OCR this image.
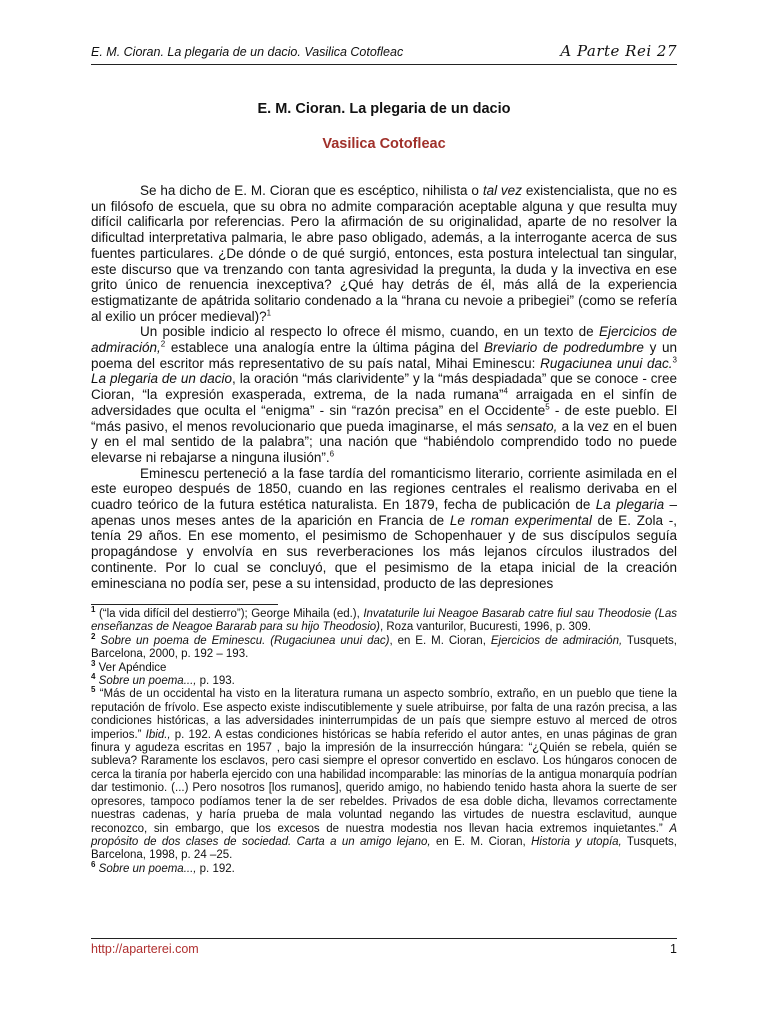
E. M. Cioran. La plegaria de un dacio. Vasilica Cotofleac	A Parte Rei 27
E. M. Cioran. La plegaria de un dacio
Vasilica Cotofleac

Se ha dicho de E. M. Cioran que es escéptico, nihilista o tal vez existencialista, que no es un filósofo de escuela, que su obra no admite comparación aceptable alguna y que resulta muy difícil calificarla por referencias. Pero la afirmación de su originalidad, aparte de no resolver la dificultad interpretativa palmaria, le abre paso obligado, además, a la interrogante acerca de sus fuentes particulares. ¿De dónde o de qué surgió, entonces, esta postura intelectual tan singular, este discurso que va trenzando con tanta agresividad la pregunta, la duda y la invectiva en ese grito único de renuencia inexceptiva? ¿Qué hay detrás de él, más allá de la experiencia estigmatizante de apátrida solitario condenado a la “hrana cu nevoie a pribegiei” (como se refería al exilio un prócer medieval)?$^1$

Un posible indicio al respecto lo ofrece él mismo, cuando, en un texto de Ejercicios de admiración,$^2$ establece una analogía entre la última página del Breviario de podredumbre y un poema del escritor más representativo de su país natal, Mihai Eminescu: Rugaciunea unui dac.$^3$ La plegaria de un dacio, la oración “más clarividente” y la “más despiadada” que se conoce - cree Cioran, “la expresión exasperada, extrema, de la nada rumana”$^4$ arraigada en el sinfín de adversidades que oculta el “enigma” - sin “razón precisa” en el Occidente$^5$ - de este pueblo. El “más pasivo, el menos revolucionario que pueda imaginarse, el más sensato, a la vez en el buen y en el mal sentido de la palabra”; una nación que “habiéndolo comprendido todo no puede elevarse ni rebajarse a ninguna ilusión”.$^6$

Eminescu perteneció a la fase tardía del romanticismo literario, corriente asimilada en el este europeo después de 1850, cuando en las regiones centrales el realismo derivaba en el cuadro teórico de la futura estética naturalista. En 1879, fecha de publicación de La plegaria – apenas unos meses antes de la aparición en Francia de Le roman experimental de E. Zola -, tenía 29 años. En ese momento, el pesimismo de Schopenhauer y de sus discípulos seguía propagándose y envolvía en sus reverberaciones los más lejanos círculos ilustrados del continente. Por lo cual se concluyó, que el pesimismo de la etapa inicial de la creación eminesciana no podía ser, pese a su intensidad, producto de las depresiones

$^1$ (“la vida difícil del destierro”); George Mihaila (ed.), Invataturile lui Neagoe Basarab catre fiul sau Theodosie (Las enseñanzas de Neagoe Bararab para su hijo Theodosio), Roza vanturilor, Bucuresti, 1996, p. 309.

$^2$ Sobre un poema de Eminescu. (Rugaciunea unui dac), en E. M. Cioran, Ejercicios de admiración, Tusquets, Barcelona, 2000, p. 192 – 193.

$^3$ Ver Apéndice

$^4$ Sobre un poema..., p. 193.

$^5$ “Más de un occidental ha visto en la literatura rumana un aspecto sombrío, extraño, en un pueblo que tiene la reputación de frívolo. Ese aspecto existe indiscutiblemente y suele atribuirse, por falta de una razón precisa, a las condiciones históricas, a las adversidades ininterrumpidas de un país que siempre estuvo al merced de otros imperios.” Ibid., p. 192. A estas condiciones históricas se había referido el autor antes, en unas páginas de gran finura y agudeza escritas en 1957 , bajo la impresión de la insurrección húngara: “¿Quién se rebela, quién se subleva? Raramente los esclavos, pero casi siempre el opresor convertido en esclavo. Los húngaros conocen de cerca la tiranía por haberla ejercido con una habilidad incomparable: las minorías de la antigua monarquía podrían dar testimonio. (...) Pero nosotros [los rumanos], querido amigo, no habiendo tenido hasta ahora la suerte de ser opresores, tampoco podíamos tener la de ser rebeldes. Privados de esa doble dicha, llevamos correctamente nuestras cadenas, y haría prueba de mala voluntad negando las virtudes de nuestra esclavitud, aunque reconozco, sin embargo, que los excesos de nuestra modestia nos llevan hacia extremos inquietantes.” A propósito de dos clases de sociedad. Carta a un amigo lejano, en E. M. Cioran, Historia y utopía, Tusquets, Barcelona, 1998, p. 24 –25.

$^6$ Sobre un poema..., p. 192.

http://aparterei.com	1
